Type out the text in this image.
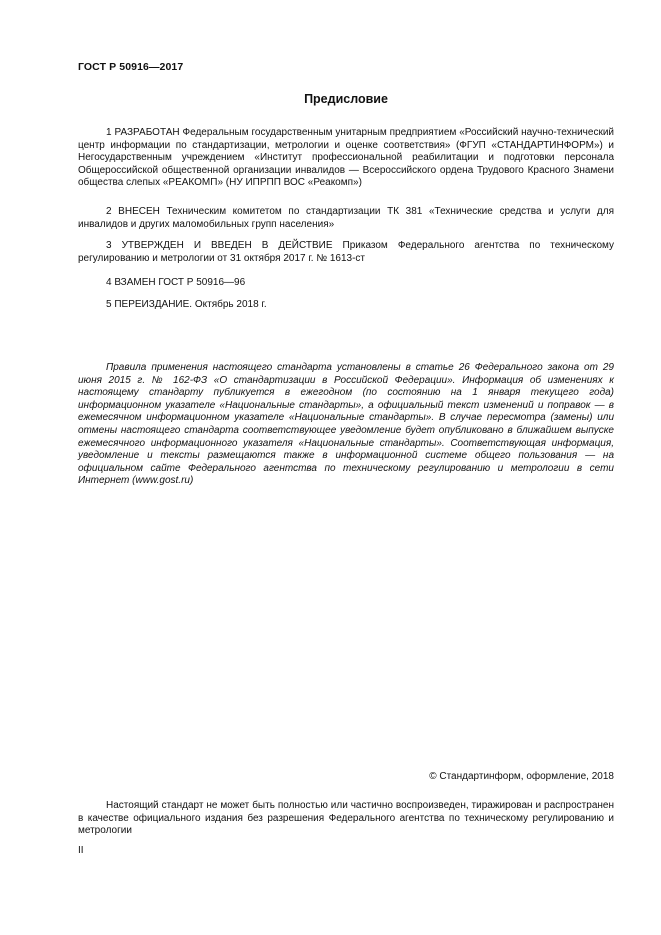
ГОСТ Р 50916—2017
Предисловие

1 РАЗРАБОТАН Федеральным государственным унитарным предприятием «Российский научно-технический центр информации по стандартизации, метрологии и оценке соответствия» (ФГУП «СТАНДАРТИНФОРМ») и Негосударственным учреждением «Институт профессиональной реабилитации и подготовки персонала Общероссийской общественной организации инвалидов — Всероссийского ордена Трудового Красного Знамени общества слепых «РЕАКОМП» (НУ ИПРПП ВОС «Реакомп»)

2 ВНЕСЕН Техническим комитетом по стандартизации ТК 381 «Технические средства и услуги для инвалидов и других маломобильных групп населения»

3 УТВЕРЖДЕН И ВВЕДЕН В ДЕЙСТВИЕ Приказом Федерального агентства по техническому регулированию и метрологии от 31 октября 2017 г. № 1613-ст

4 ВЗАМЕН ГОСТ Р 50916—96

5 ПЕРЕИЗДАНИЕ. Октябрь 2018 г.

Правила применения настоящего стандарта установлены в статье 26 Федерального закона от 29 июня 2015 г. № 162-ФЗ «О стандартизации в Российской Федерации». Информация об изменениях к настоящему стандарту публикуется в ежегодном (по состоянию на 1 января текущего года) информационном указателе «Национальные стандарты», а официальный текст изменений и поправок — в ежемесячном информационном указателе «Национальные стандарты». В случае пересмотра (замены) или отмены настоящего стандарта соответствующее уведомление будет опубликовано в ближайшем выпуске ежемесячного информационного указателя «Национальные стандарты». Соответствующая информация, уведомление и тексты размещаются также в информационной системе общего пользования — на официальном сайте Федерального агентства по техническому регулированию и метрологии в сети Интернет (www.gost.ru)

© Стандартинформ, оформление, 2018

Настоящий стандарт не может быть полностью или частично воспроизведен, тиражирован и распространен в качестве официального издания без разрешения Федерального агентства по техническому регулированию и метрологии

II
